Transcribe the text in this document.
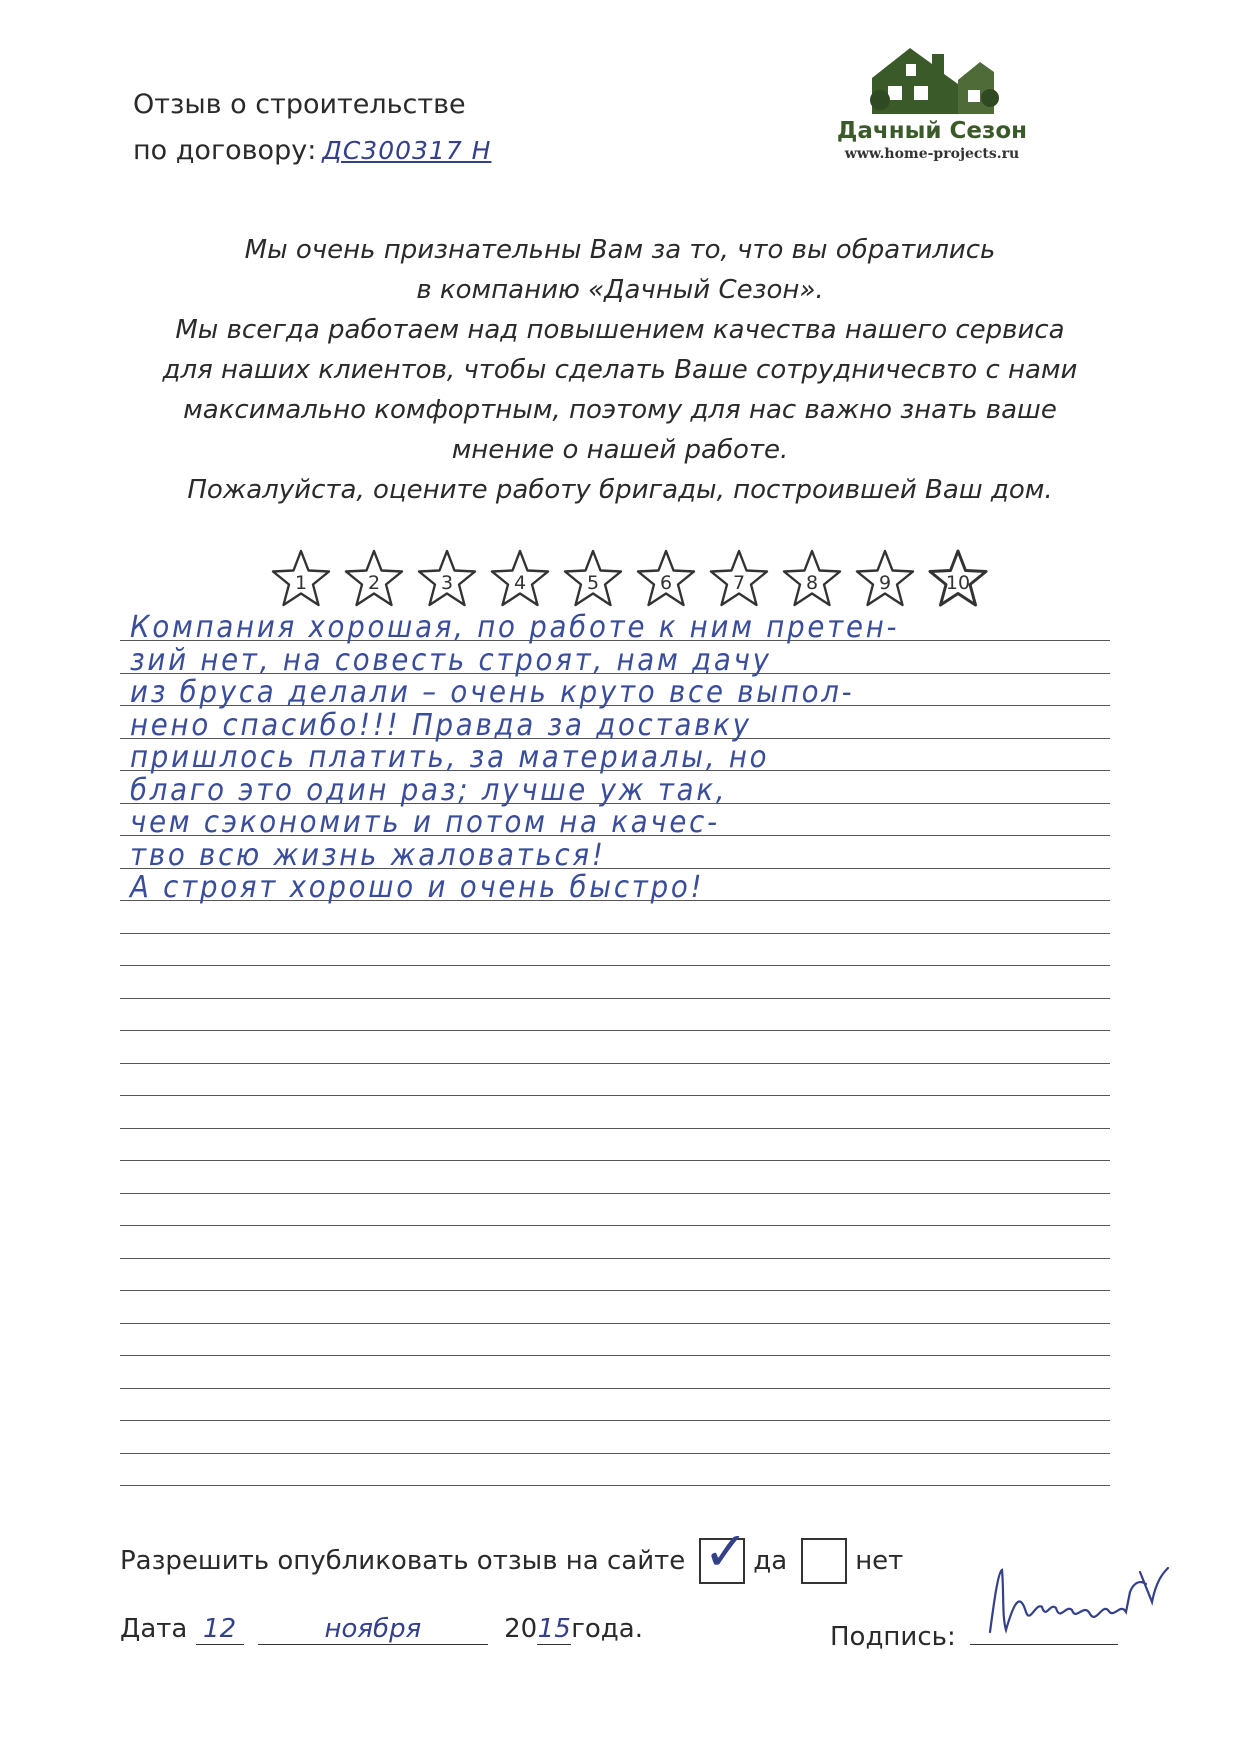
Отзыв о строительстве
по договору: ДС300317 Н
Дачный Сезон
www.home-projects.ru
Мы очень признательны Вам за то, что вы обратились
в компанию «Дачный Сезон».
Мы всегда работаем над повышением качества нашего сервиса
для наших клиентов, чтобы сделать Ваше сотрудничесвто с нами
максимально комфортным, поэтому для нас важно знать ваше
мнение о нашей работе.
Пожалуйста, оцените работу бригады, построившей Ваш дом.
1	2	3	4	5	6	7	8	9	10
Компания хорошая, по работе к ним претен-
зий нет, на совесть строят, нам дачу
из бруса делали – очень круто все выпол-
нено спасибо!!! Правда за доставку
пришлось платить, за материалы, но
благо это один раз; лучше уж так,
чем сэкономить и потом на качес-
тво всю жизнь жаловаться!
А строят хорошо и очень быстро!
Разрешить опубликовать отзыв на сайте ✓ да	нет
Дата 12	ноября	2015года.	Подпись:
